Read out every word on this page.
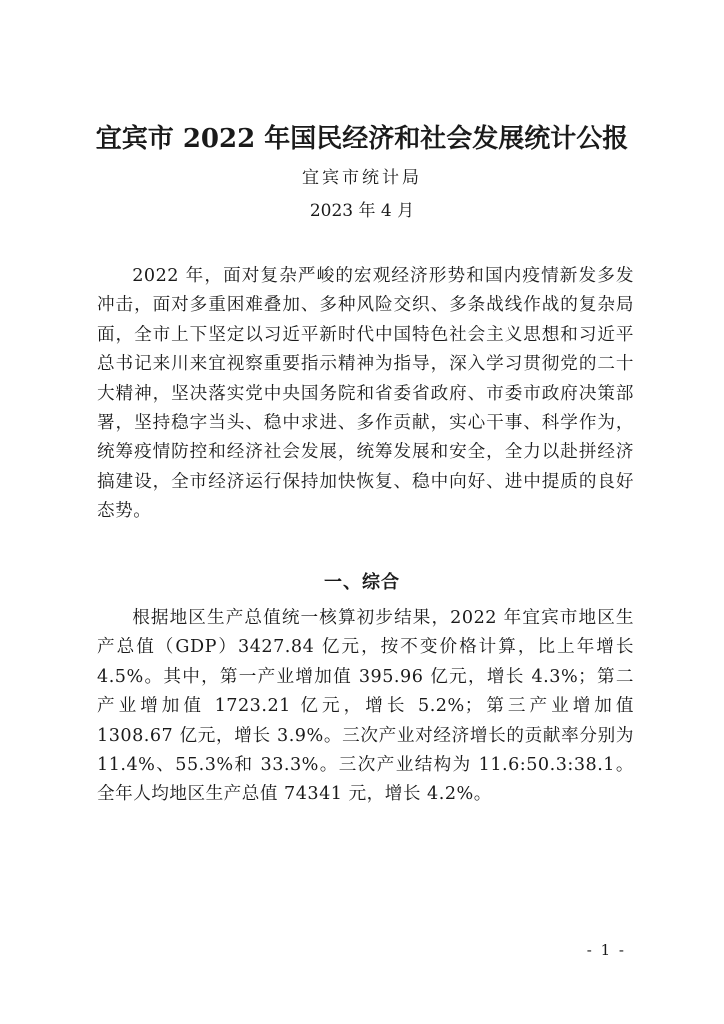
宜宾市 2022 年国民经济和社会发展统计公报
宜宾市统计局
2023 年 4 月

2022 年，面对复杂严峻的宏观经济形势和国内疫情新发多发冲击，面对多重困难叠加、多种风险交织、多条战线作战的复杂局面，全市上下坚定以习近平新时代中国特色社会主义思想和习近平总书记来川来宜视察重要指示精神为指导，深入学习贯彻党的二十大精神，坚决落实党中央国务院和省委省政府、市委市政府决策部署，坚持稳字当头、稳中求进、多作贡献，实心干事、科学作为，统筹疫情防控和经济社会发展，统筹发展和安全，全力以赴拼经济搞建设，全市经济运行保持加快恢复、稳中向好、进中提质的良好态势。

一、综合

根据地区生产总值统一核算初步结果，2022 年宜宾市地区生产总值（GDP）3427.84 亿元，按不变价格计算，比上年增长 4.5%。其中，第一产业增加值 395.96 亿元，增长 4.3%；第二产业增加值 1723.21 亿元，增长 5.2%；第三产业增加值 1308.67 亿元，增长 3.9%。三次产业对经济增长的贡献率分别为 11.4%、55.3%和 33.3%。三次产业结构为 11.6:50.3:38.1。全年人均地区生产总值 74341 元，增长 4.2%。

- 1 -
